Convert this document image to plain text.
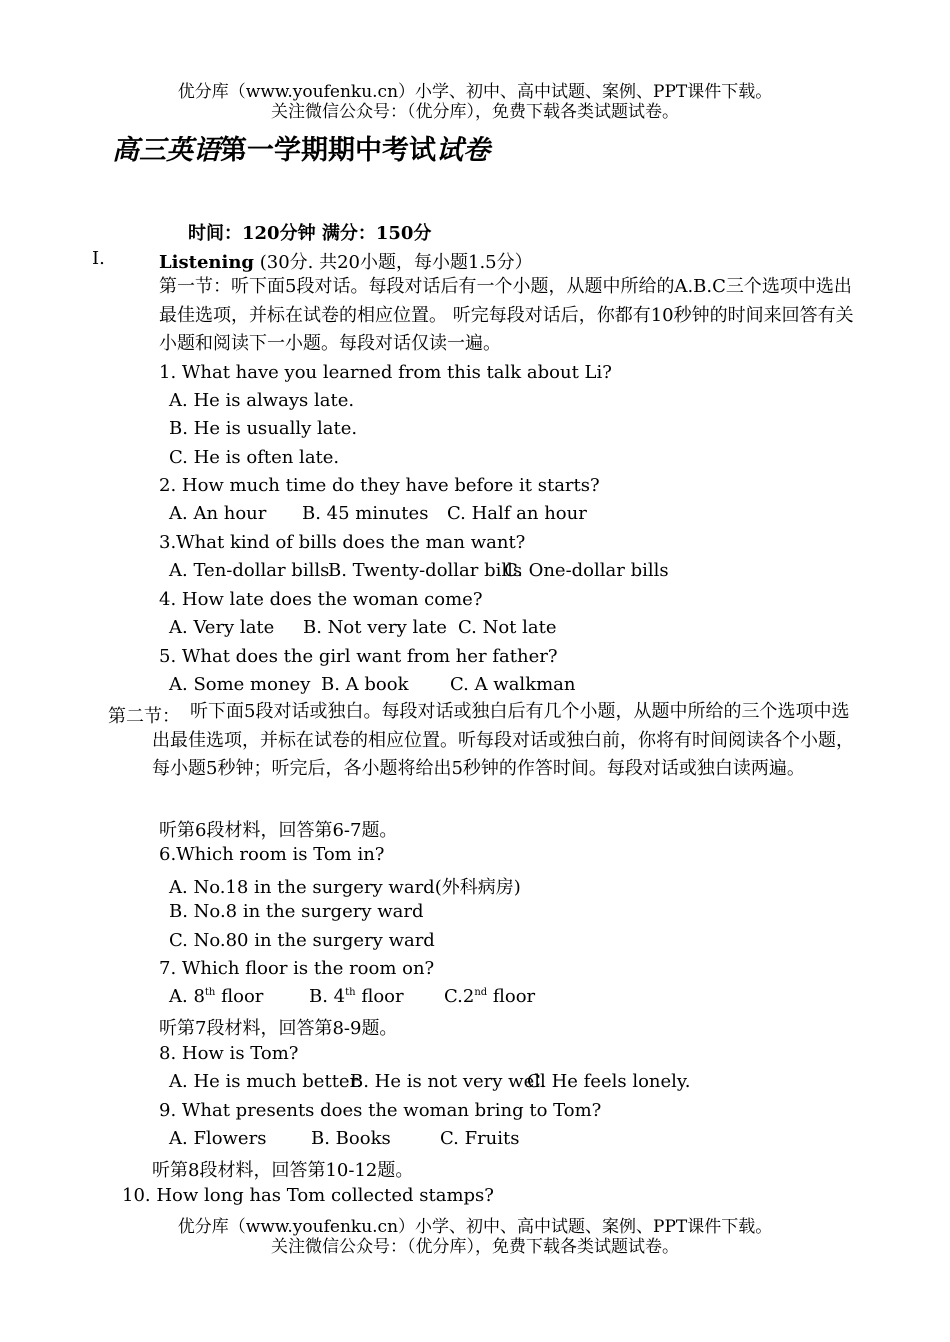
优分库（www.youfenku.cn）小学、初中、高中试题、案例、PPT课件下载。
关注微信公众号：（优分库），免费下载各类试题试卷。
高三英语第一学期期中考试试卷
时间：120分钟 满分：150分
I.	Listening (30分. 共20小题，每小题1.5分）
第一节：听下面5段对话。每段对话后有一个小题，从题中所给的A.B.C三个选项中选出最佳选项，并标在试卷的相应位置。 听完每段对话后，你都有10秒钟的时间来回答有关小题和阅读下一小题。每段对话仅读一遍。
1. What have you learned from this talk about Li?
A. He is always late.
B. He is usually late.
C. He is often late.
2. How much time do they have before it starts?
A. An hour B. 45 minutes C. Half an hour
3.What kind of bills does the man want?
A. Ten-dollar bills
B. Twenty-dollar bills
C. One-dollar bills
4. How late does the woman come?
A. Very late B. Not very late C. Not late
5. What does the girl want from her father?
A. Some money B. A book C. A walkman
第二节： 听下面5段对话或独白。每段对话或独白后有几个小题，从题中所给的三个选项中选出最佳选项，并标在试卷的相应位置。听每段对话或独白前，你将有时间阅读各个小题，每小题5秒钟；听完后，各小题将给出5秒钟的作答时间。每段对话或独白读两遍。
听第6段材料，回答第6-7题。
6.Which room is Tom in?
A. No.18 in the surgery ward(外科病房)
B. No.8 in the surgery ward
C. No.80 in the surgery ward
7. Which floor is the room on?
A. 8th floor	B. 4th floor C.2nd floor
听第7段材料，回答第8-9题。
8. How is Tom?
A. He is much better.
B. He is not very well
C. He feels lonely.
9. What presents does the woman bring to Tom?
A. Flowers B. Books	C. Fruits
听第8段材料，回答第10-12题。
10. How long has Tom collected stamps?
优分库（www.youfenku.cn）小学、初中、高中试题、案例、PPT课件下载。
关注微信公众号：（优分库），免费下载各类试题试卷。
